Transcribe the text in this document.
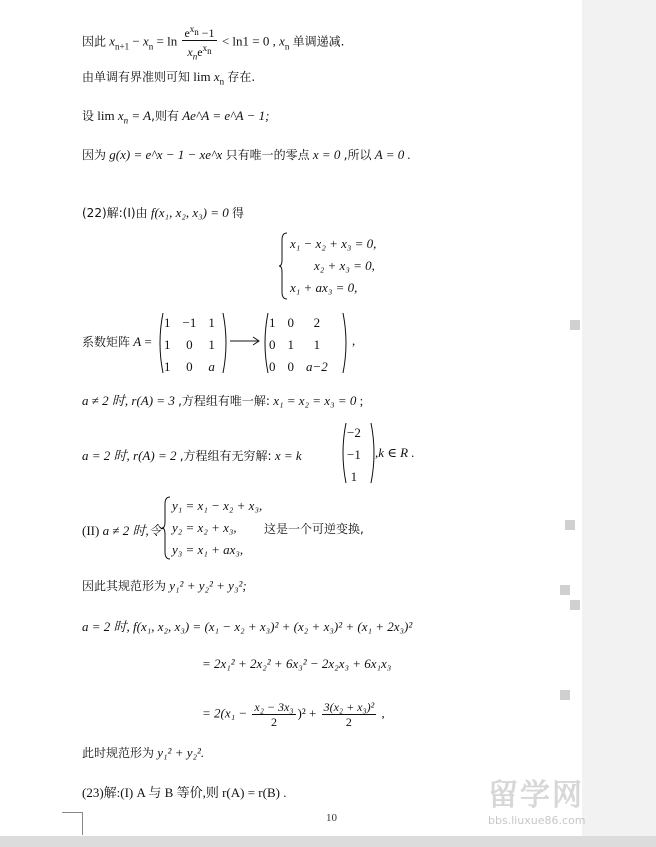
因此 $x_{n+1} - x_n = \ln \frac{e^{x_n} -1}{x_ne^{x_n}} < \ln 1 = 0$ , $x_n$ 单调递减.
由单调有界准则可知 $\lim x_n$ 存在.
设 $\lim x_n = A$,则有 Ae^A = e^A − 1;
因为 g(x) = e^x − 1 − xe^x 只有唯一的零点 x = 0 ,所以 A = 0 .
(22)解:(I)由 f(x₁, x₂, x₃) = 0 得
x₁ − x₂ + x₃ = 0,
x₂ + x₃ = 0,
x₁ + ax₃ = 0,
系数矩阵 A =
1	−1	1
1	0	1
1	0	a
1	0	2
0	1	1
0	0	a−2
,
a ≠ 2 时, r(A) = 3 ,方程组有唯一解: x₁ = x₂ = x₃ = 0 ;
a = 2 时, r(A) = 2 ,方程组有无穷解: x = k
−2
−1
1
,k ∈ R .
(II) a ≠ 2 时,令
y₁ = x₁ − x₂ + x₃,
y₂ = x₂ + x₃,
y₃ = x₁ + ax₃,
这是一个可逆变换,
因此其规范形为 y₁² + y₂² + y₃²;
a = 2 时, f(x₁, x₂, x₃) = (x₁ − x₂ + x₃)² + (x₂ + x₃)² + (x₁ + 2x₃)²
= 2x₁² + 2x₂² + 6x₃² − 2x₂x₃ + 6x₁x₃
= $2(x_1 - \frac{\text{x₂ − 3x₃}}{2} )^2 + \frac{\text{3(x₂ + x₃)²}}{2}$ ,
此时规范形为 y₁² + y₂².
(23)解:(I) A 与 B 等价,则 r(A) = r(B) .
10
留学网
bbs.liuxue86.com
